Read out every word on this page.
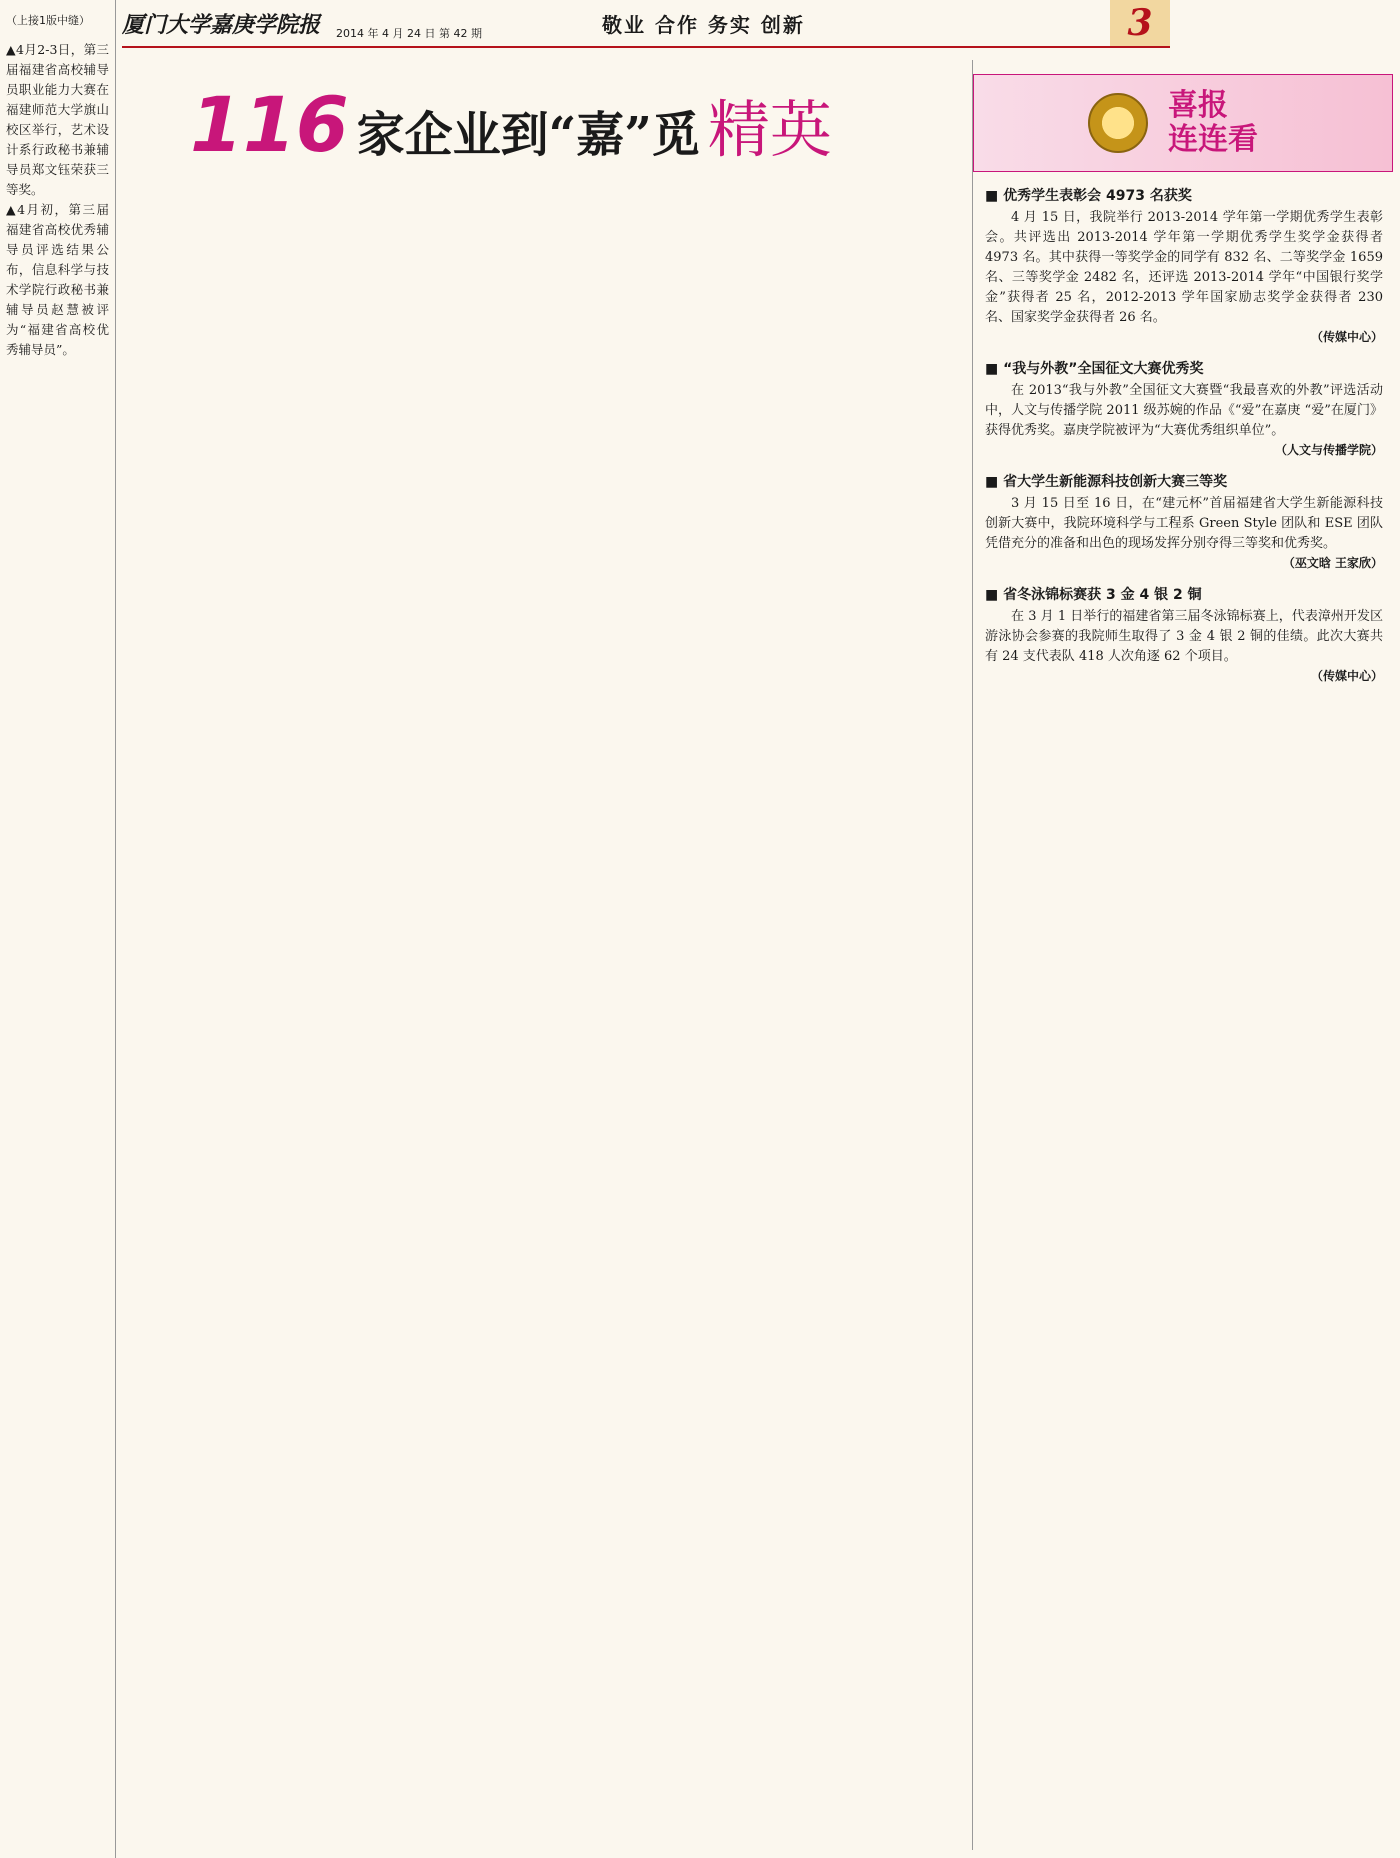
（上接1版中缝）
▲4月2-3日，第三届福建省高校辅导员职业能力大赛在福建师范大学旗山校区举行，艺术设计系行政秘书兼辅导员郑文钰荣获三等奖。
▲4月初，第三届福建省高校优秀辅导员评选结果公布，信息科学与技术学院行政秘书兼辅导员赵慧被评为“福建省高校优秀辅导员”。
厦门大学嘉庚学院报 2014 年 4 月 24 日 第 42 期	敬业 合作 务实 创新	3
116 家企业到“嘉”觅 精英	喜报
连连看
■ 优秀学生表彰会 4973 名获奖
4 月 15 日，我院举行 2013-2014 学年第一学期优秀学生表彰会。共评选出 2013-2014 学年第一学期优秀学生奖学金获得者 4973 名。其中获得一等奖学金的同学有 832 名、二等奖学金 1659 名、三等奖学金 2482 名，还评选 2013-2014 学年“中国银行奖学金”获得者 25 名，2012-2013 学年国家励志奖学金获得者 230 名、国家奖学金获得者 26 名。
（传媒中心）
■ “我与外教”全国征文大赛优秀奖
在 2013“我与外教”全国征文大赛暨“我最喜欢的外教”评选活动中，人文与传播学院 2011 级苏婉的作品《“爱”在嘉庚 “爱”在厦门》获得优秀奖。嘉庚学院被评为“大赛优秀组织单位”。
（人文与传播学院）
■ 省大学生新能源科技创新大赛三等奖
3 月 15 日至 16 日，在“建元杯”首届福建省大学生新能源科技创新大赛中，我院环境科学与工程系 Green Style 团队和 ESE 团队凭借充分的准备和出色的现场发挥分别夺得三等奖和优秀奖。
（巫文晗 王家欣）
■ 省冬泳锦标赛获 3 金 4 银 2 铜
在 3 月 1 日举行的福建省第三届冬泳锦标赛上，代表漳州开发区游泳协会参赛的我院师生取得了 3 金 4 银 2 铜的佳绩。此次大赛共有 24 支代表队 418 人次角逐 62 个项目。
（传媒中心）
